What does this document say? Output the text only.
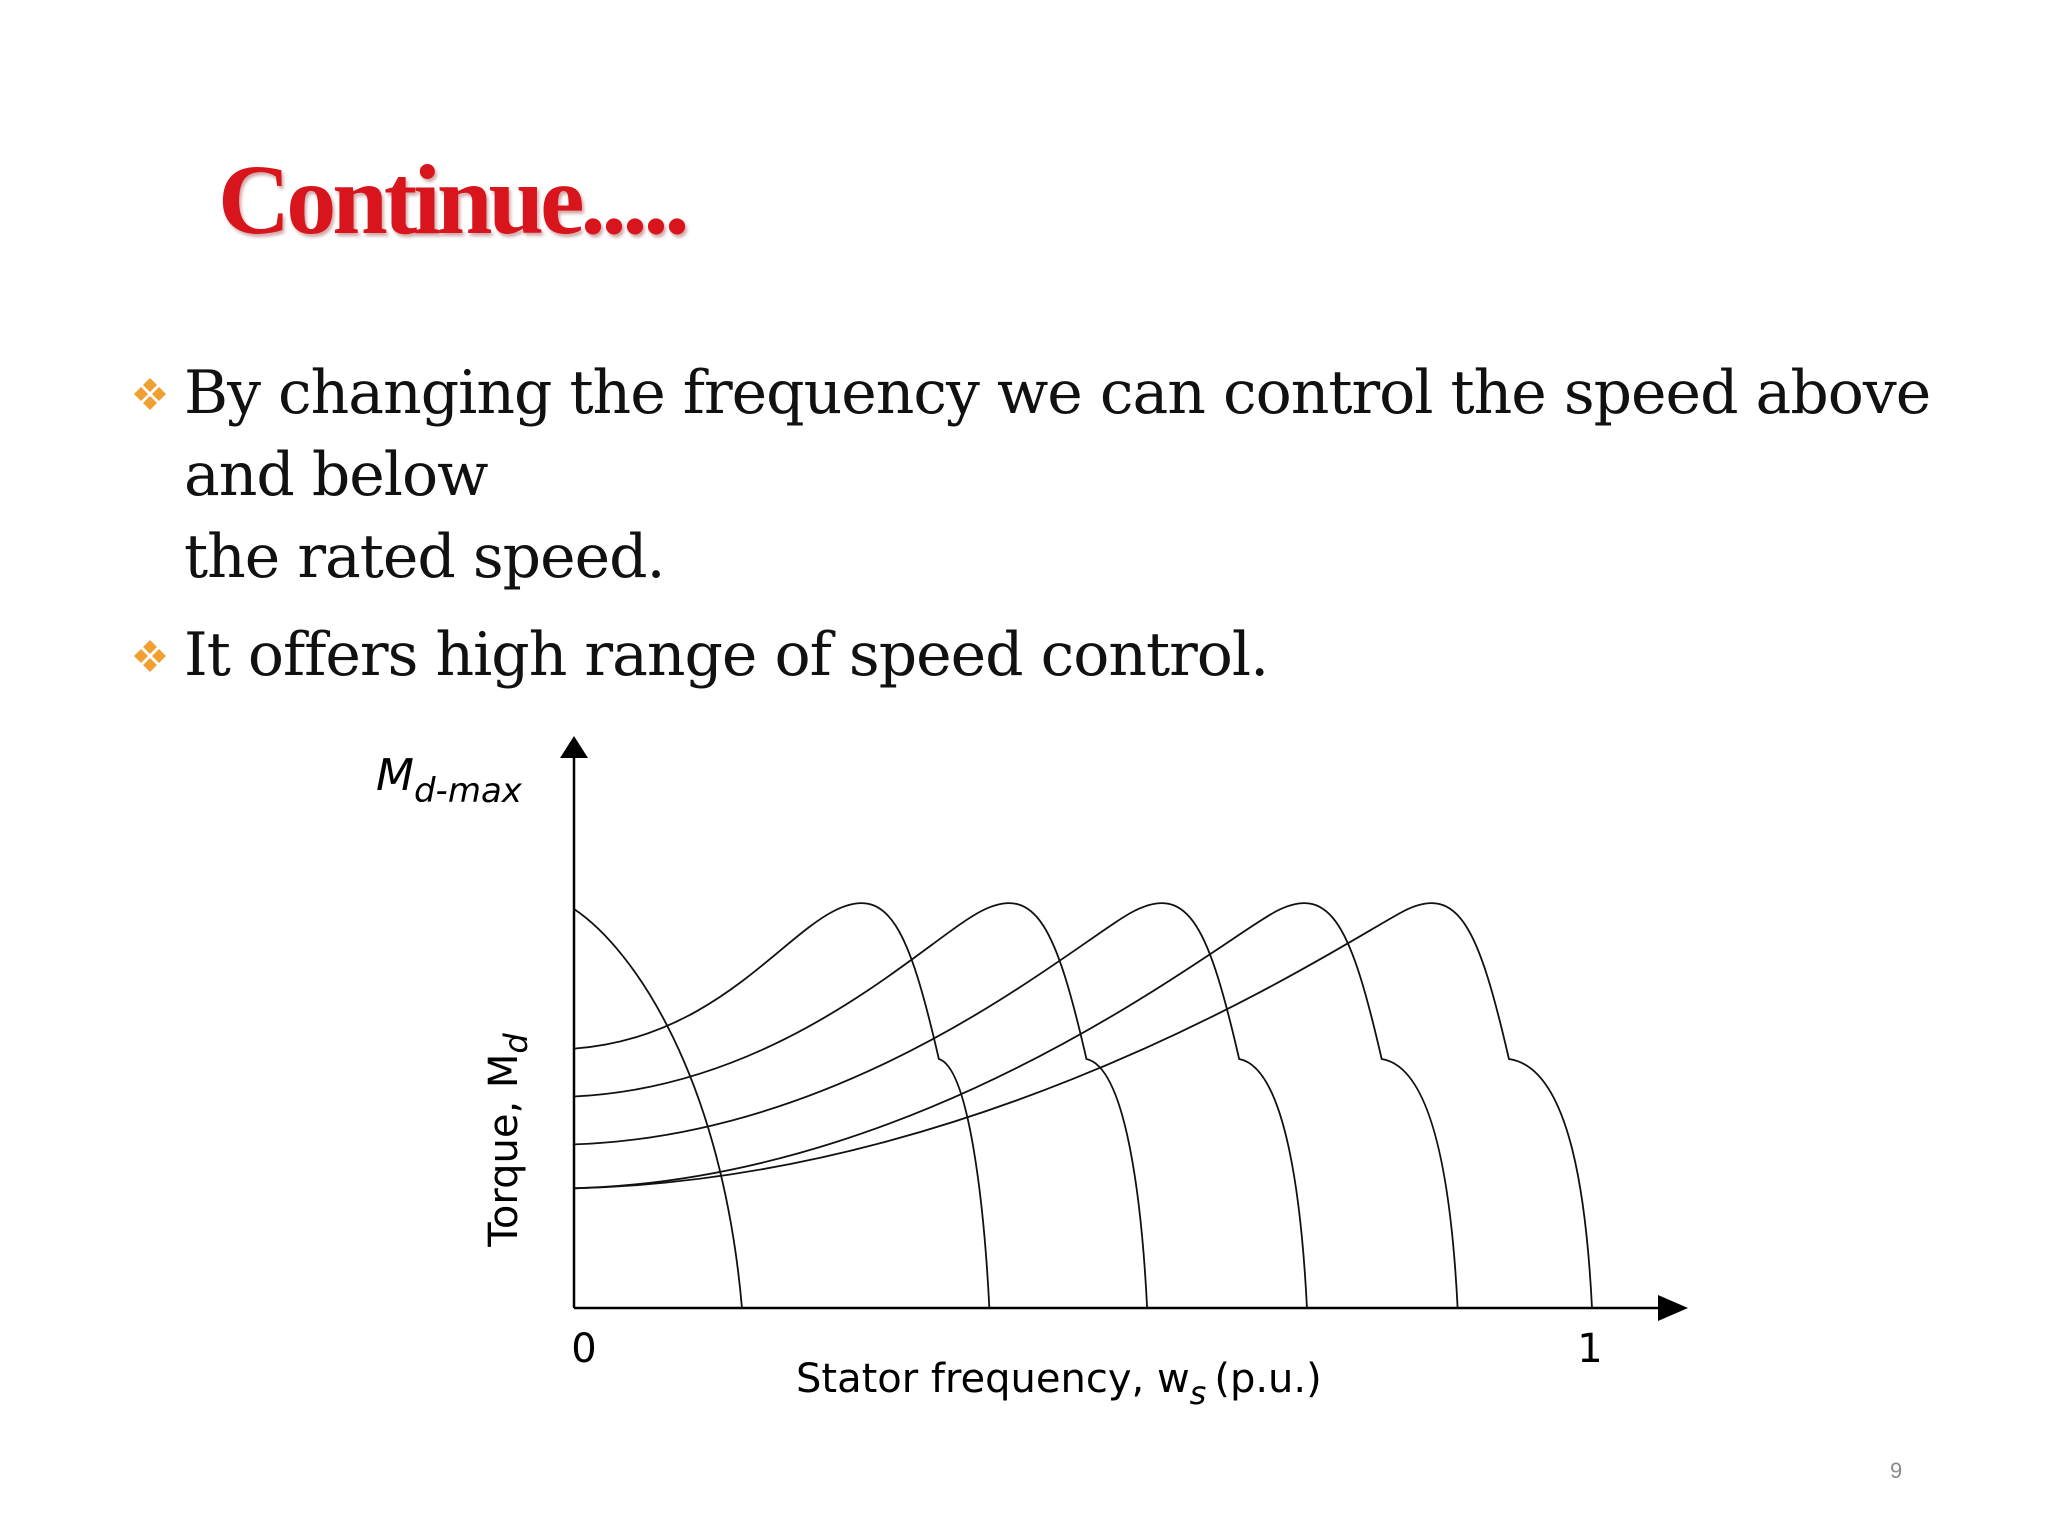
Continue.....
By changing the frequency we can control the speed above
and below
the rated speed.
It offers high range of speed control.
$M_{d-max}$
Torque, $M_d$
0	1
Stator frequency, $w_s$ (p.u.)
9
